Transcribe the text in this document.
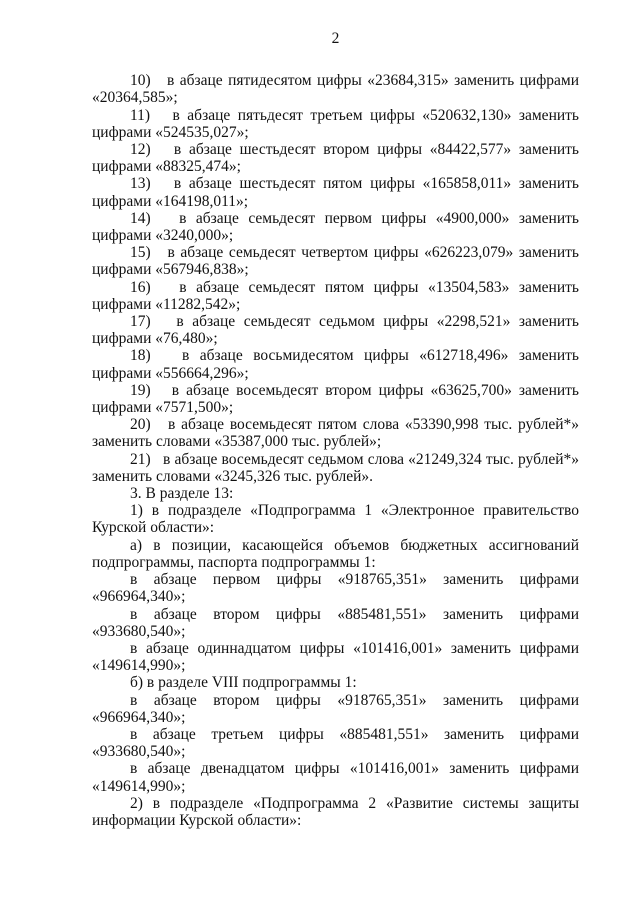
2

10)   в абзаце пятидесятом цифры «23684,315» заменить цифрами «20364,585»;

11)   в абзаце пятьдесят третьем цифры «520632,130» заменить цифрами «524535,027»;

12)   в абзаце шестьдесят втором цифры «84422,577» заменить цифрами «88325,474»;

13)   в абзаце шестьдесят пятом цифры «165858,011» заменить цифрами «164198,011»;

14)   в абзаце семьдесят первом цифры «4900,000» заменить цифрами «3240,000»;

15)   в абзаце семьдесят четвертом цифры «626223,079» заменить цифрами «567946,838»;

16)   в абзаце семьдесят пятом цифры «13504,583» заменить цифрами «11282,542»;

17)   в абзаце семьдесят седьмом цифры «2298,521» заменить цифрами «76,480»;

18)   в абзаце восьмидесятом цифры «612718,496» заменить цифрами «556664,296»;

19)   в абзаце восемьдесят втором цифры «63625,700» заменить цифрами «7571,500»;

20)   в абзаце восемьдесят пятом слова «53390,998 тыс. рублей*» заменить словами «35387,000 тыс. рублей»;

21)   в абзаце восемьдесят седьмом слова «21249,324 тыс. рублей*» заменить словами «3245,326 тыс. рублей».

3. В разделе 13:

1) в подразделе «Подпрограмма 1 «Электронное правительство Курской области»:

а) в позиции, касающейся объемов бюджетных ассигнований подпрограммы, паспорта подпрограммы 1:

в абзаце первом цифры «918765,351» заменить цифрами «966964,340»;

в абзаце втором цифры «885481,551» заменить цифрами «933680,540»;

в абзаце одиннадцатом цифры «101416,001» заменить цифрами «149614,990»;

б) в разделе VIII подпрограммы 1:

в абзаце втором цифры «918765,351» заменить цифрами «966964,340»;

в абзаце третьем цифры «885481,551» заменить цифрами «933680,540»;

в абзаце двенадцатом цифры «101416,001» заменить цифрами «149614,990»;

2) в подразделе «Подпрограмма 2 «Развитие системы защиты информации Курской области»:
